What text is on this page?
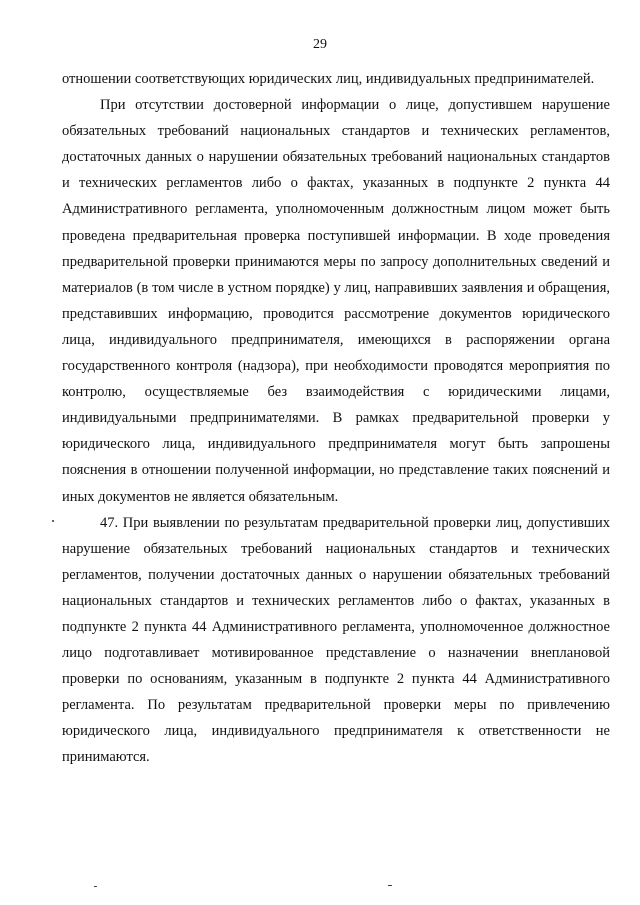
29

отношении соответствующих юридических лиц, индивидуальных предпринимателей.

При отсутствии достоверной информации о лице, допустившем нарушение обязательных требований национальных стандартов и технических регламентов, достаточных данных о нарушении обязательных требований национальных стандартов и технических регламентов либо о фактах, указанных в подпункте 2 пункта 44 Административного регламента, уполномоченным должностным лицом может быть проведена предварительная проверка поступившей информации. В ходе проведения предварительной проверки принимаются меры по запросу дополнительных сведений и материалов (в том числе в устном порядке) у лиц, направивших заявления и обращения, представивших информацию, проводится рассмотрение документов юридического лица, индивидуального предпринимателя, имеющихся в распоряжении органа государственного контроля (надзора), при необходимости проводятся мероприятия по контролю, осуществляемые без взаимодействия с юридическими лицами, индивидуальными предпринимателями. В рамках предварительной проверки у юридического лица, индивидуального предпринимателя могут быть запрошены пояснения в отношении полученной информации, но представление таких пояснений и иных документов не является обязательным.

47. При выявлении по результатам предварительной проверки лиц, допустивших нарушение обязательных требований национальных стандартов и технических регламентов, получении достаточных данных о нарушении обязательных требований национальных стандартов и технических регламентов либо о фактах, указанных в подпункте 2 пункта 44 Административного регламента, уполномоченное должностное лицо подготавливает мотивированное представление о назначении внеплановой проверки по основаниям, указанным в подпункте 2 пункта 44 Административного регламента. По результатам предварительной проверки меры по привлечению юридического лица, индивидуального предпринимателя к ответственности не принимаются.
